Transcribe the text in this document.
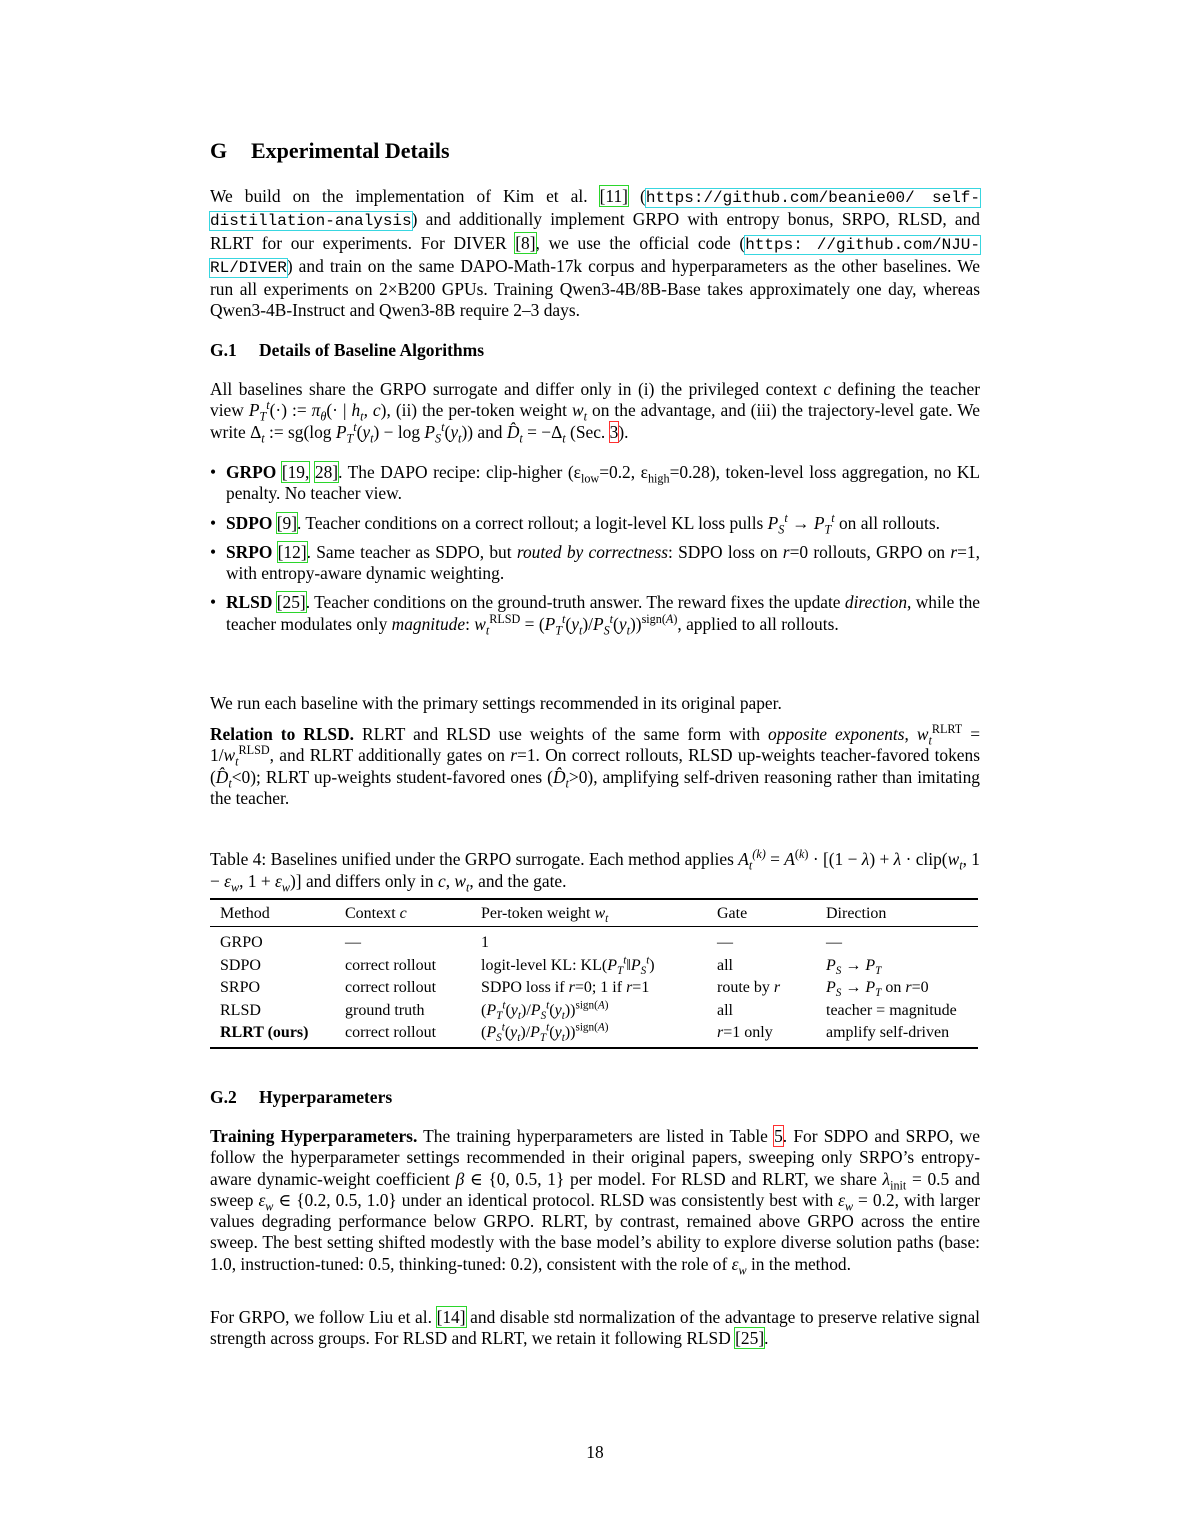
G Experimental Details

We build on the implementation of Kim et al. [11] (https://github.com/beanie00/ self-distillation-analysis) and additionally implement GRPO with entropy bonus, SRPO, RLSD, and RLRT for our experiments. For DIVER [8], we use the official code (https: //github.com/NJU-RL/DIVER) and train on the same DAPO-Math-17k corpus and hyperparameters as the other baselines. We run all experiments on 2×B200 GPUs. Training Qwen3-4B/8B-Base takes approximately one day, whereas Qwen3-4B-Instruct and Qwen3-8B require 2–3 days.

G.1 Details of Baseline Algorithms

All baselines share the GRPO surrogate and differ only in (i) the privileged context c defining the teacher view $P_T^t(\cdot)$ := $\pi_\theta(\cdot$ | $h_t$, c), (ii) the per-token weight $w_t$ on the advantage, and (iii) the trajectory-level gate. We write $\Delta_t$ := sg(log $P_T^t(y_t) - \log P_S^t(y_t)$) and $D̂_t = -\Delta_t$ (Sec. 3).

• GRPO [19, 28]. The DAPO recipe: clip-higher ($\varepsilon_{low}=0.2$, $\varepsilon_{high}=0.28$), token-level loss aggregation, no KL penalty. No teacher view.
• SDPO [9]. Teacher conditions on a correct rollout; a logit-level KL loss pulls $P_S^t \to P_T^t$ on all rollouts.
• SRPO [12]. Same teacher as SDPO, but routed by correctness: SDPO loss on r=0 rollouts, GRPO on r=1, with entropy-aware dynamic weighting.
• RLSD [25]. Teacher conditions on the ground-truth answer. The reward fixes the update direction, while the teacher modulates only magnitude: $w_t^{RLSD} = (P_T^t(y_t)/P_S^t(y_t))^{sign(A)}$, applied to all rollouts.

We run each baseline with the primary settings recommended in its original paper.

Relation to RLSD. RLRT and RLSD use weights of the same form with opposite exponents, $w_t^{RLRT} = 1/w_t^{RLSD}$, and RLRT additionally gates on r=1. On correct rollouts, RLSD up-weights teacher-favored tokens $(D̂_t<0)$; RLRT up-weights student-favored ones $(D̂_t>0)$, amplifying self-driven reasoning rather than imitating the teacher.

Table 4: Baselines unified under the GRPO surrogate. Each method applies $A_t^{(k)} = A^{(k)} \cdot [(1 - \lambda) + \lambda$ · $clip(w_t$, $1 - \varepsilon_w$, $1 + \varepsilon_w$)] and differs only in c, $w_t$, and the gate.
Method	Context c	Per-token weight $w_t$	Gate	Direction
GRPO	—	1	—	—
SDPO	correct rollout	logit-level KL: $KL(P_T^t‖P_S^t)$	all	$P_S \to P_T$
SRPO	correct rollout	SDPO loss if r=0; 1 if r=1	route by r	$P_S \to P_T$ on r=0
RLSD	ground truth	$(P_T^t(y_t)/P_S^t(y_t))^{sign(A)}$	all	teacher = magnitude
RLRT (ours)	correct rollout	$(P_S^t(y_t)/P_T^t(y_t))^{sign(A)}$	r=1 only	amplify self-driven
G.2 Hyperparameters

Training Hyperparameters. The training hyperparameters are listed in Table 5. For SDPO and SRPO, we follow the hyperparameter settings recommended in their original papers, sweeping only SRPO’s entropy-aware dynamic-weight coefficient β ∈ {0, 0.5, 1} per model. For RLSD and RLRT, we share $\lambda_{init} = 0.5$ and sweep $\varepsilon_w$ ∈ {0.2, 0.5, 1.0} under an identical protocol. RLSD was consistently best with $\varepsilon_w = 0.2$, with larger values degrading performance below GRPO. RLRT, by contrast, remained above GRPO across the entire sweep. The best setting shifted modestly with the base model’s ability to explore diverse solution paths (base: 1.0, instruction-tuned: 0.5, thinking-tuned: 0.2), consistent with the role of $\varepsilon_w$ in the method.

For GRPO, we follow Liu et al. [14] and disable std normalization of the advantage to preserve relative signal strength across groups. For RLSD and RLRT, we retain it following RLSD [25].

18
